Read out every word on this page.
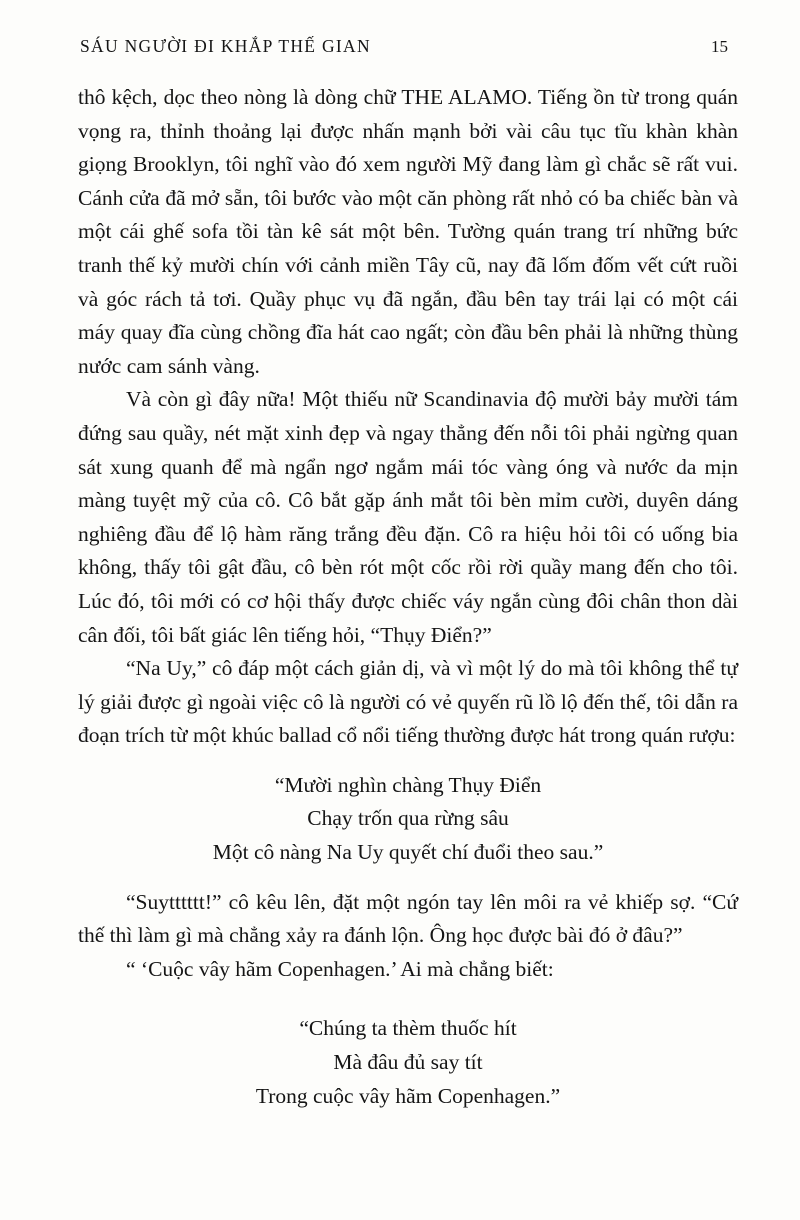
SÁU NGƯỜI ĐI KHẮP THẾ GIAN	15

thô kệch, dọc theo nòng là dòng chữ THE ALAMO. Tiếng ồn từ trong quán vọng ra, thỉnh thoảng lại được nhấn mạnh bởi vài câu tục tĩu khàn khàn giọng Brooklyn, tôi nghĩ vào đó xem người Mỹ đang làm gì chắc sẽ rất vui. Cánh cửa đã mở sẵn, tôi bước vào một căn phòng rất nhỏ có ba chiếc bàn và một cái ghế sofa tồi tàn kê sát một bên. Tường quán trang trí những bức tranh thế kỷ mười chín với cảnh miền Tây cũ, nay đã lốm đốm vết cứt ruồi và góc rách tả tơi. Quầy phục vụ đã ngắn, đầu bên tay trái lại có một cái máy quay đĩa cùng chồng đĩa hát cao ngất; còn đầu bên phải là những thùng nước cam sánh vàng.

Và còn gì đây nữa! Một thiếu nữ Scandinavia độ mười bảy mười tám đứng sau quầy, nét mặt xinh đẹp và ngay thẳng đến nỗi tôi phải ngừng quan sát xung quanh để mà ngẩn ngơ ngắm mái tóc vàng óng và nước da mịn màng tuyệt mỹ của cô. Cô bắt gặp ánh mắt tôi bèn mỉm cười, duyên dáng nghiêng đầu để lộ hàm răng trắng đều đặn. Cô ra hiệu hỏi tôi có uống bia không, thấy tôi gật đầu, cô bèn rót một cốc rồi rời quầy mang đến cho tôi. Lúc đó, tôi mới có cơ hội thấy được chiếc váy ngắn cùng đôi chân thon dài cân đối, tôi bất giác lên tiếng hỏi, “Thụy Điển?”

“Na Uy,” cô đáp một cách giản dị, và vì một lý do mà tôi không thể tự lý giải được gì ngoài việc cô là người có vẻ quyến rũ lồ lộ đến thế, tôi dẫn ra đoạn trích từ một khúc ballad cổ nổi tiếng thường được hát trong quán rượu:

“Mười nghìn chàng Thụy Điển
Chạy trốn qua rừng sâu
Một cô nàng Na Uy quyết chí đuổi theo sau.”

“Suytttttt!” cô kêu lên, đặt một ngón tay lên môi ra vẻ khiếp sợ. “Cứ thế thì làm gì mà chẳng xảy ra đánh lộn. Ông học được bài đó ở đâu?”

“ ‘Cuộc vây hãm Copenhagen.’ Ai mà chẳng biết:

“Chúng ta thèm thuốc hít
Mà đâu đủ say tít
Trong cuộc vây hãm Copenhagen.”
